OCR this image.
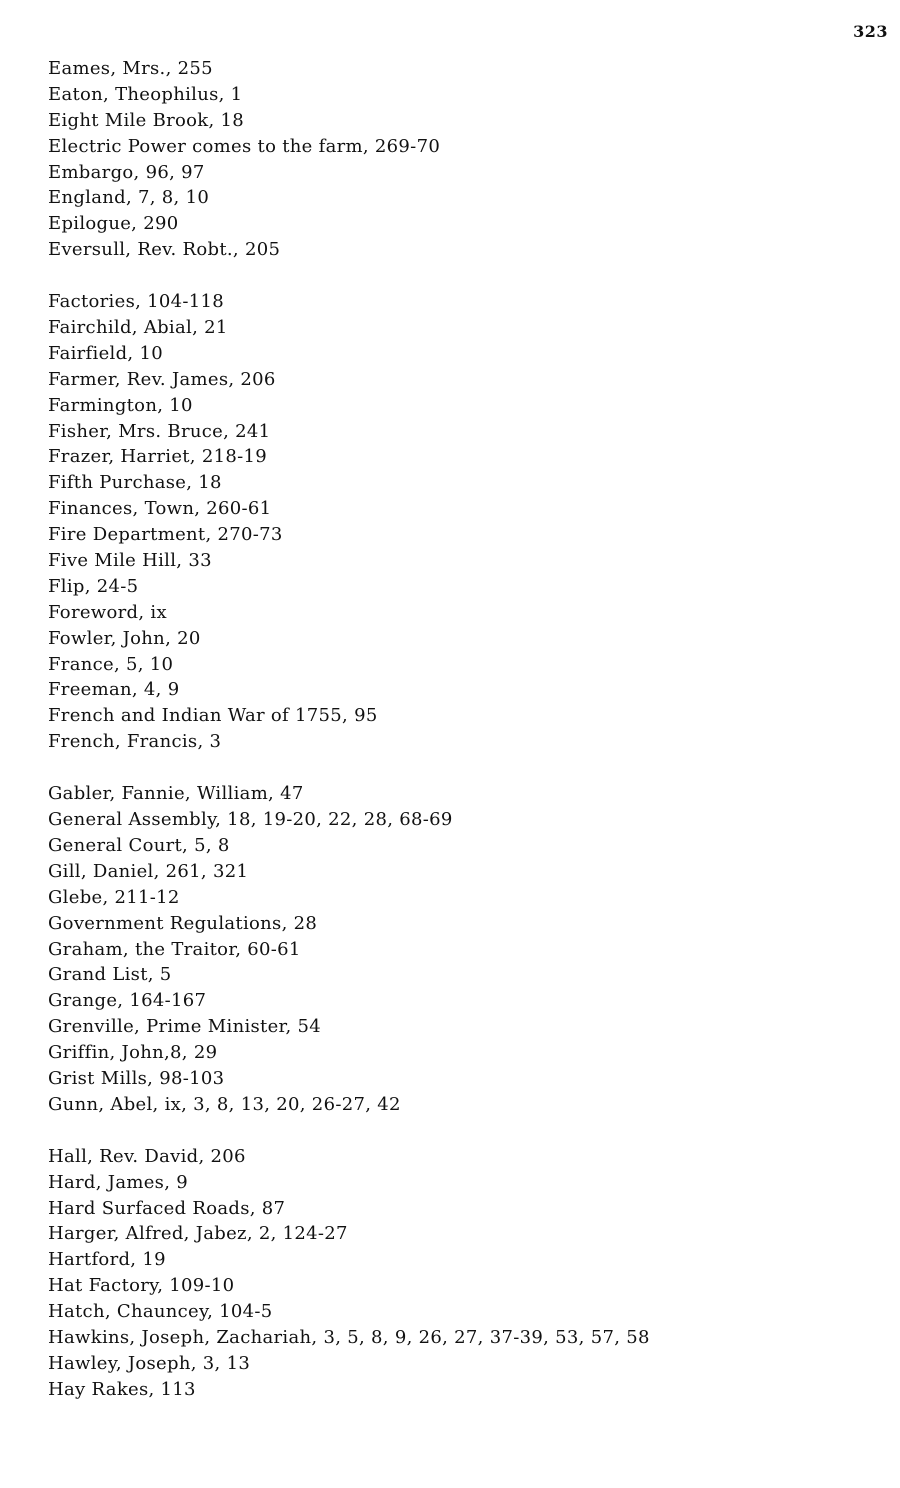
323
Eames, Mrs., 255
Eaton, Theophilus, 1
Eight Mile Brook, 18
Electric Power comes to the farm, 269-70
Embargo, 96, 97
England, 7, 8, 10
Epilogue, 290
Eversull, Rev. Robt., 205
Factories, 104-118
Fairchild, Abial, 21
Fairfield, 10
Farmer, Rev. James, 206
Farmington, 10
Fisher, Mrs. Bruce, 241
Frazer, Harriet, 218-19
Fifth Purchase, 18
Finances, Town, 260-61
Fire Department, 270-73
Five Mile Hill, 33
Flip, 24-5
Foreword, ix
Fowler, John, 20
France, 5, 10
Freeman, 4, 9
French and Indian War of 1755, 95
French, Francis, 3
Gabler, Fannie, William, 47
General Assembly, 18, 19-20, 22, 28, 68-69
General Court, 5, 8
Gill, Daniel, 261, 321
Glebe, 211-12
Government Regulations, 28
Graham, the Traitor, 60-61
Grand List, 5
Grange, 164-167
Grenville, Prime Minister, 54
Griffin, John,8, 29
Grist Mills, 98-103
Gunn, Abel, ix, 3, 8, 13, 20, 26-27, 42
Hall, Rev. David, 206
Hard, James, 9
Hard Surfaced Roads, 87
Harger, Alfred, Jabez, 2, 124-27
Hartford, 19
Hat Factory, 109-10
Hatch, Chauncey, 104-5
Hawkins, Joseph, Zachariah, 3, 5, 8, 9, 26, 27, 37-39, 53, 57, 58
Hawley, Joseph, 3, 13
Hay Rakes, 113
